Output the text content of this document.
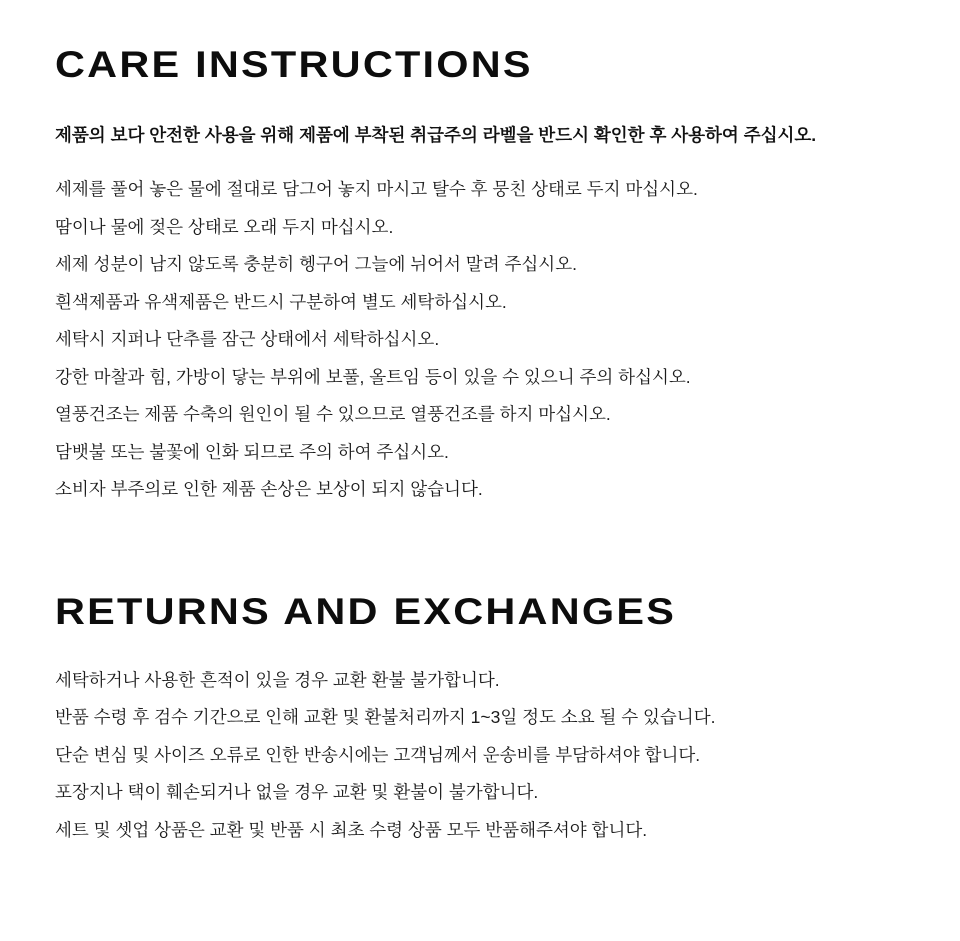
CARE INSTRUCTIONS

제품의 보다 안전한 사용을 위해 제품에 부착된 취급주의 라벨을 반드시 확인한 후 사용하여 주십시오.

세제를 풀어 놓은 물에 절대로 담그어 놓지 마시고 탈수 후 뭉친 상태로 두지 마십시오.

땀이나 물에 젖은 상태로 오래 두지 마십시오.

세제 성분이 남지 않도록 충분히 헹구어 그늘에 뉘어서 말려 주십시오.

흰색제품과 유색제품은 반드시 구분하여 별도 세탁하십시오.

세탁시 지퍼나 단추를 잠근 상태에서 세탁하십시오.

강한 마찰과 힘, 가방이 닿는 부위에 보풀, 올트임 등이 있을 수 있으니 주의 하십시오.

열풍건조는 제품 수축의 원인이 될 수 있으므로 열풍건조를 하지 마십시오.

담뱃불 또는 불꽃에 인화 되므로 주의 하여 주십시오.

소비자 부주의로 인한 제품 손상은 보상이 되지 않습니다.

RETURNS AND EXCHANGES

세탁하거나 사용한 흔적이 있을 경우 교환 환불 불가합니다.

반품 수령 후 검수 기간으로 인해 교환 및 환불처리까지 1~3일 정도 소요 될 수 있습니다.

단순 변심 및 사이즈 오류로 인한 반송시에는 고객님께서 운송비를 부담하셔야 합니다.

포장지나 택이 훼손되거나 없을 경우 교환 및 환불이 불가합니다.

세트 및 셋업 상품은 교환 및 반품 시 최초 수령 상품 모두 반품해주셔야 합니다.
